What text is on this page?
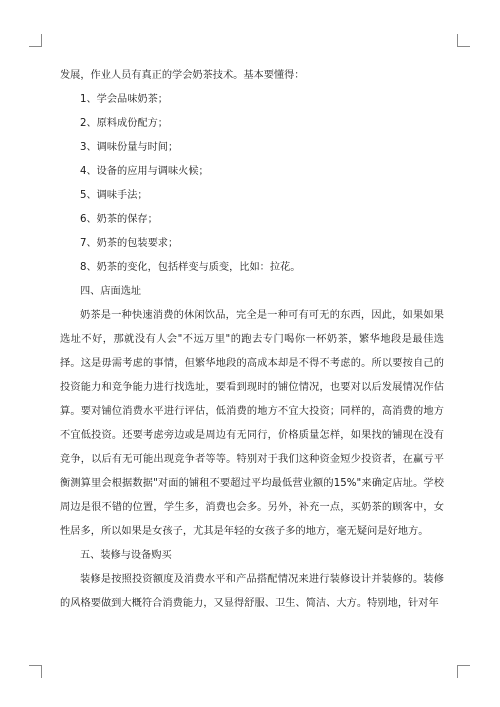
发展，作业人员有真正的学会奶茶技术。基本要懂得：

1、学会品味奶茶；

2、原料成份配方；

3、调味份量与时间；

4、设备的应用与调味火候；

5、调味手法；

6、奶茶的保存；

7、奶茶的包装要求；

8、奶茶的变化，包括样变与质变，比如：拉花。

四、店面选址

奶茶是一种快速消费的休闲饮品，完全是一种可有可无的东西，因此，如果如果选址不好，那就没有人会"不远万里"的跑去专门喝你一杯奶茶，繁华地段是最佳选择。这是毋需考虑的事情，但繁华地段的高成本却是不得不考虑的。所以要按自己的投资能力和竞争能力进行找选址，要看到现时的铺位情况，也要对以后发展情况作估算。要对铺位消费水平进行评估，低消费的地方不宜大投资；同样的，高消费的地方不宜低投资。还要考虑旁边或是周边有无同行，价格质量怎样，如果找的铺现在没有竞争，以后有无可能出现竞争者等等。特别对于我们这种资金短少投资者，在赢亏平衡测算里会根据数据"对面的铺租不要超过平均最低营业额的15%"来确定店址。学校周边是很不错的位置，学生多，消费也会多。另外，补充一点，买奶茶的顾客中，女性居多，所以如果是女孩子，尤其是年轻的女孩子多的地方，毫无疑问是好地方。

五、装修与设备购买

装修是按照投资额度及消费水平和产品搭配情况来进行装修设计并装修的。装修的风格要做到大概符合消费能力，又显得舒服、卫生、简洁、大方。特别地，针对年
